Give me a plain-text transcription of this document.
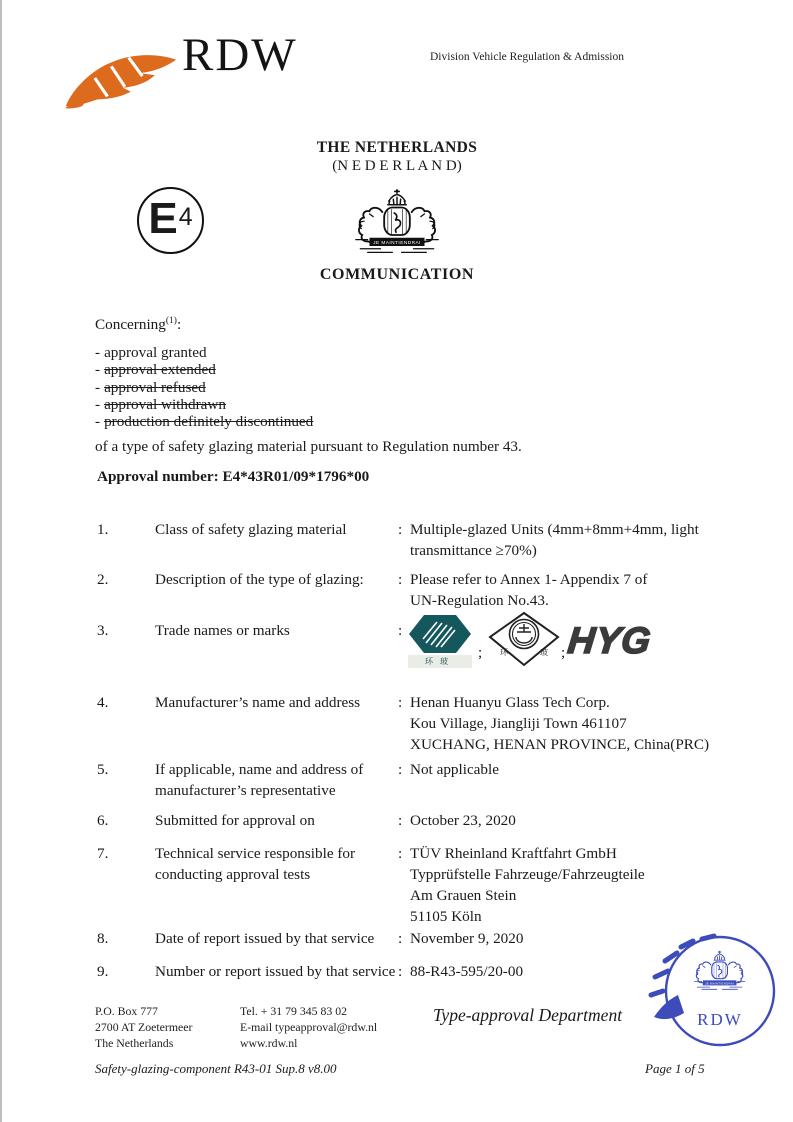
RDW	Division Vehicle Regulation & Admission
THE NETHERLANDS
(N E D E R L A N D)
COMMUNICATION
E 4
Concerning$^{(1)}$:
- approval granted
- approval extended
- approval refused
- approval withdrawn
- production definitely discontinued
of a type of safety glazing material pursuant to Regulation number 43.
Approval number: E4*43R01/09*1796*00
1.	Class of safety glazing material	: Multiple-glazed Units (4mm+8mm+4mm, light
transmittance ≥70%)
2.	Description of the type of glazing:	: Please refer to Annex 1- Appendix 7 of
UN-Regulation No.43.
3.	Trade names or marks	:
环玻
; 环	玻 ; HYG
4.	Manufacturer’s name and address	: Henan Huanyu Glass Tech Corp.
Kou Village, Jiangliji Town 461107
XUCHANG, HENAN PROVINCE, China(PRC)
5.	If applicable, name and address of
manufacturer’s representative
: Not applicable
6.	Submitted for approval on	: October 23, 2020
7.	Technical service responsible for
conducting approval tests
: TÜV Rheinland Kraftfahrt GmbH
Typprüfstelle Fahrzeuge/Fahrzeugteile
Am Grauen Stein
51105 Köln
8.	Date of report issued by that service	: November 9, 2020
9.	Number or report issued by that service : 88-R43-595/20-00
P.O. Box 777
2700 AT Zoetermeer
The Netherlands
Tel. + 31 79 345 83 02
E-mail typeapproval@rdw.nl
www.rdw.nl
Type-approval Department	RDW
Safety-glazing-component R43-01 Sup.8 v8.00	Page 1 of 5
